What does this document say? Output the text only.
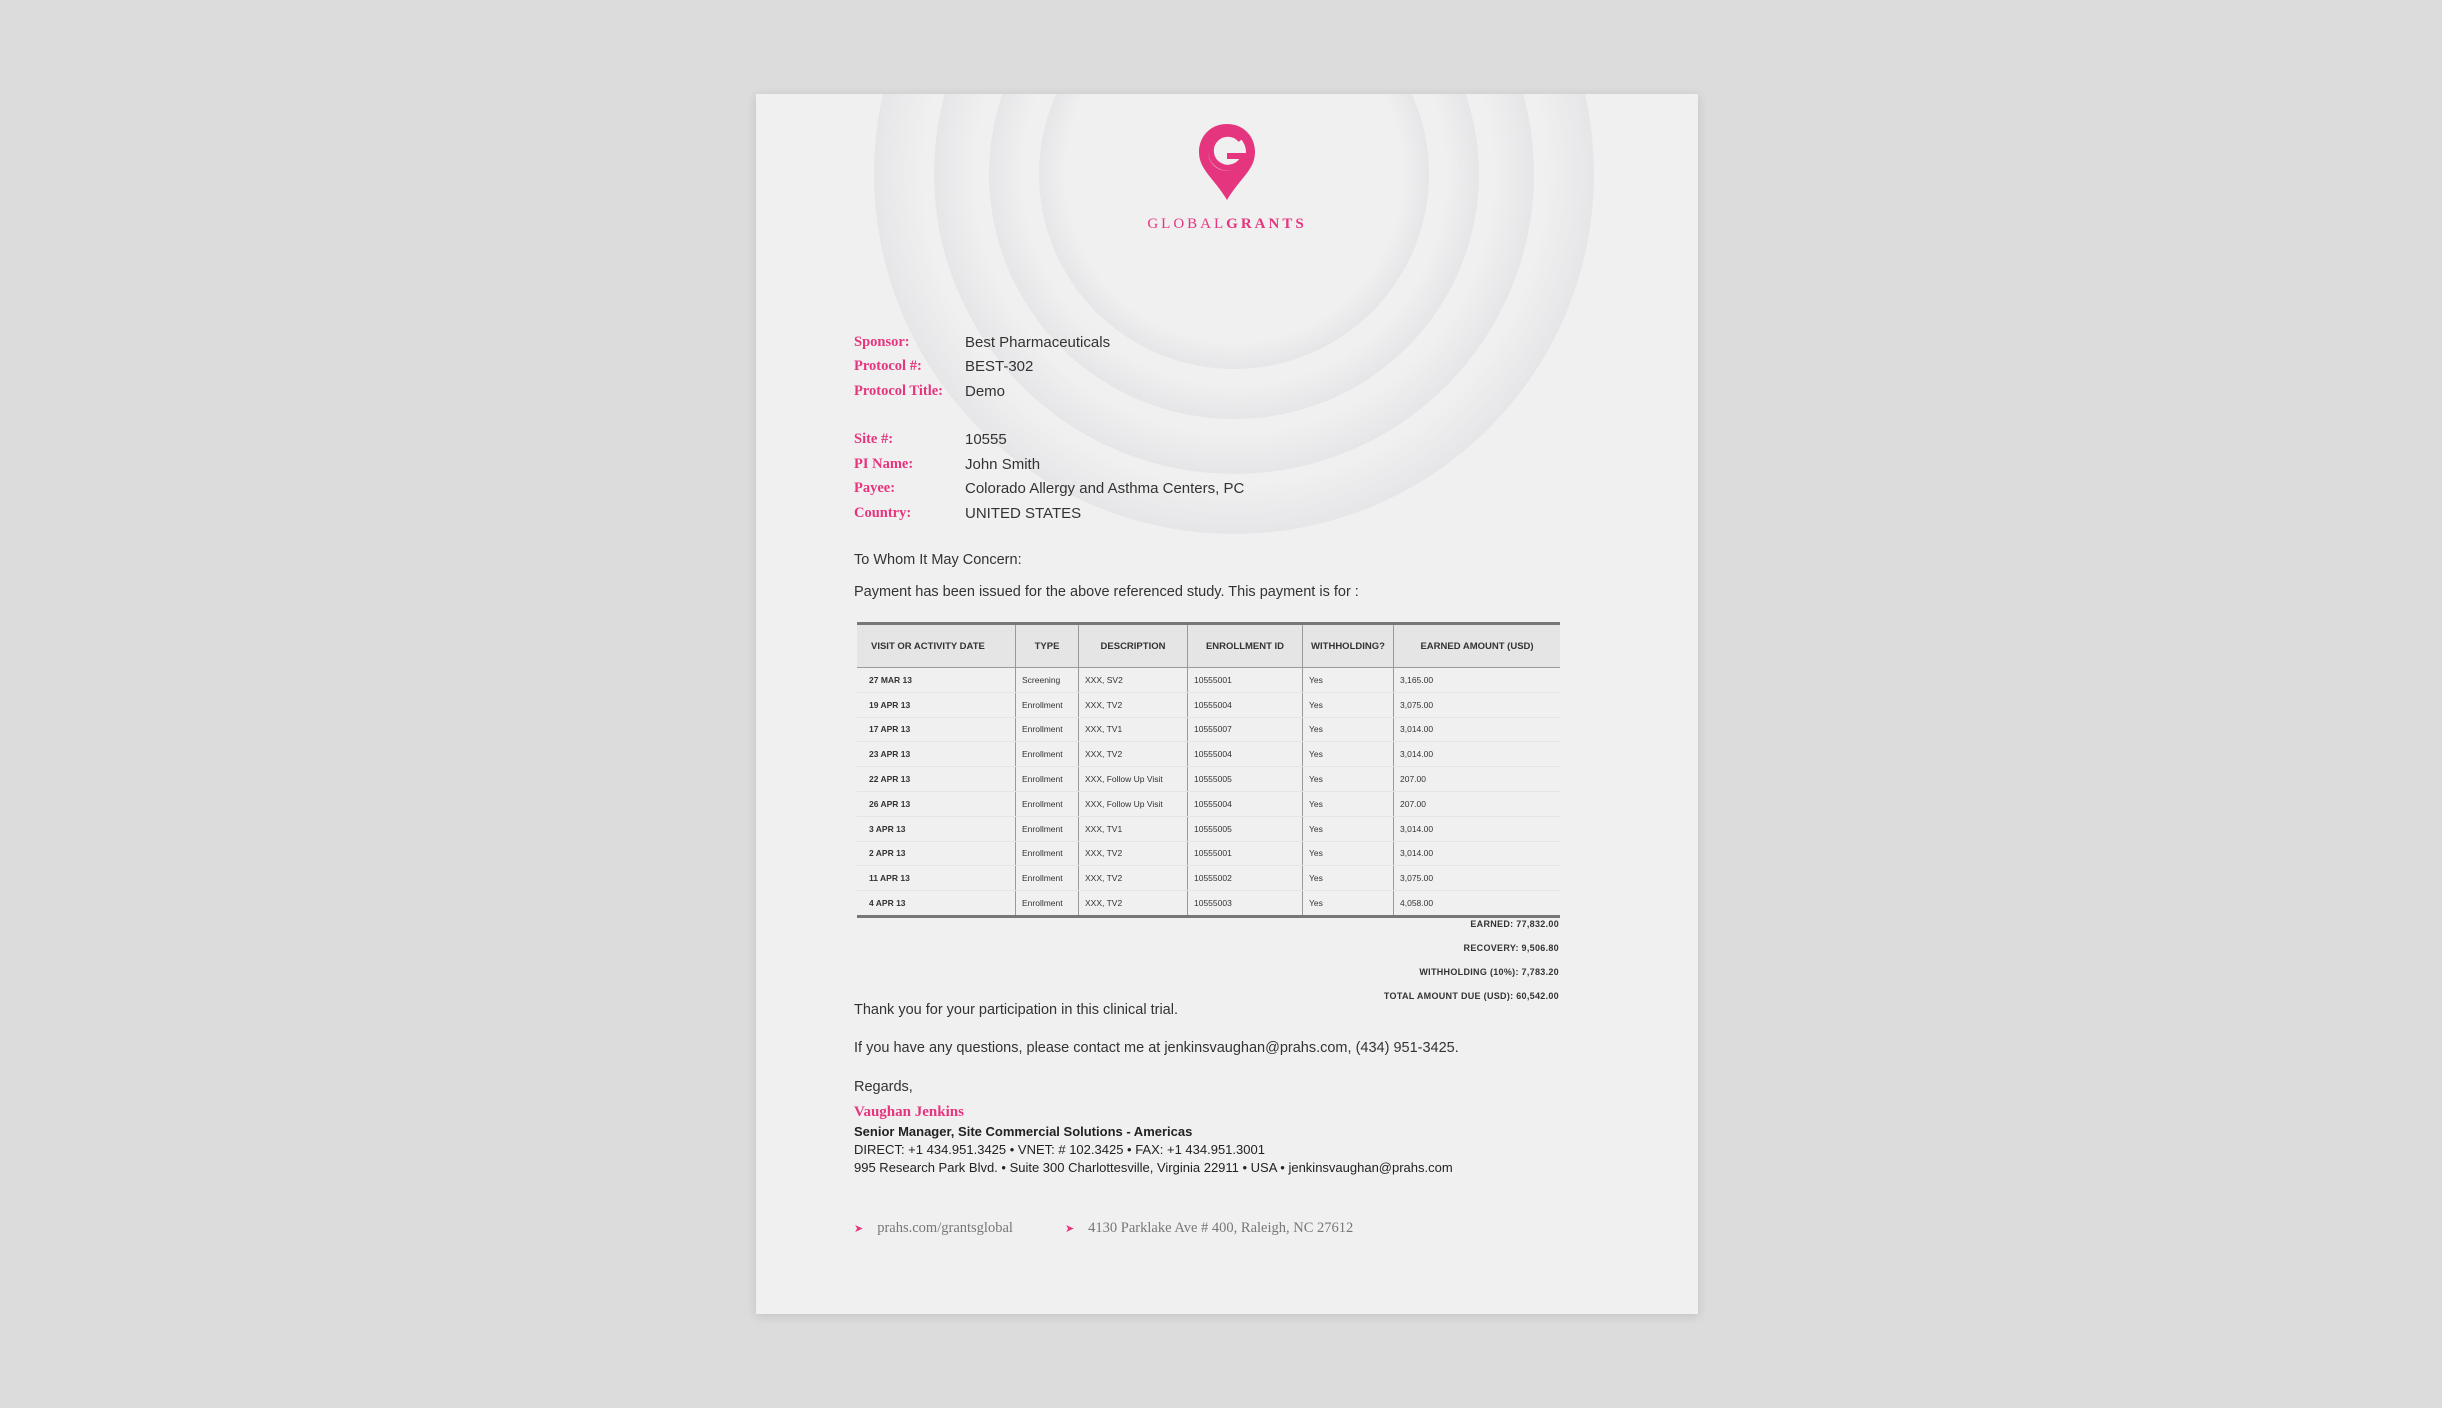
GLOBALGRANTS
Sponsor:	Best Pharmaceuticals
Protocol #:	BEST-302
Protocol Title:	Demo
Site #:	10555
PI Name:	John Smith
Payee:	Colorado Allergy and Asthma Centers, PC
Country:	UNITED STATES
To Whom It May Concern:
Payment has been issued for the above referenced study. This payment is for :
VISIT OR ACTIVITY DATE	TYPE	DESCRIPTION	ENROLLMENT ID	WITHHOLDING?	EARNED AMOUNT (USD)
27 MAR 13	Screening	XXX, SV2	10555001	Yes	3,165.00
19 APR 13	Enrollment	XXX, TV2	10555004	Yes	3,075.00
17 APR 13	Enrollment	XXX, TV1	10555007	Yes	3,014.00
23 APR 13	Enrollment	XXX, TV2	10555004	Yes	3,014.00
22 APR 13	Enrollment	XXX, Follow Up Visit	10555005	Yes	207.00
26 APR 13	Enrollment	XXX, Follow Up Visit	10555004	Yes	207.00
3 APR 13	Enrollment	XXX, TV1	10555005	Yes	3,014.00
2 APR 13	Enrollment	XXX, TV2	10555001	Yes	3,014.00
11 APR 13	Enrollment	XXX, TV2	10555002	Yes	3,075.00
4 APR 13	Enrollment	XXX, TV2	10555003	Yes	4,058.00
EARNED: 77,832.00
RECOVERY: 9,506.80
WITHHOLDING (10%): 7,783.20
TOTAL AMOUNT DUE (USD): 60,542.00
Thank you for your participation in this clinical trial.
If you have any questions, please contact me at jenkinsvaughan@prahs.com, (434) 951-3425.
Regards,
Vaughan Jenkins
Senior Manager, Site Commercial Solutions - Americas
DIRECT: +1 434.951.3425 • VNET: # 102.3425 • FAX: +1 434.951.3001
995 Research Park Blvd. • Suite 300 Charlottesville, Virginia 22911 • USA • jenkinsvaughan@prahs.com
➤ prahs.com/grantsglobal	➤ 4130 Parklake Ave # 400, Raleigh, NC 27612
